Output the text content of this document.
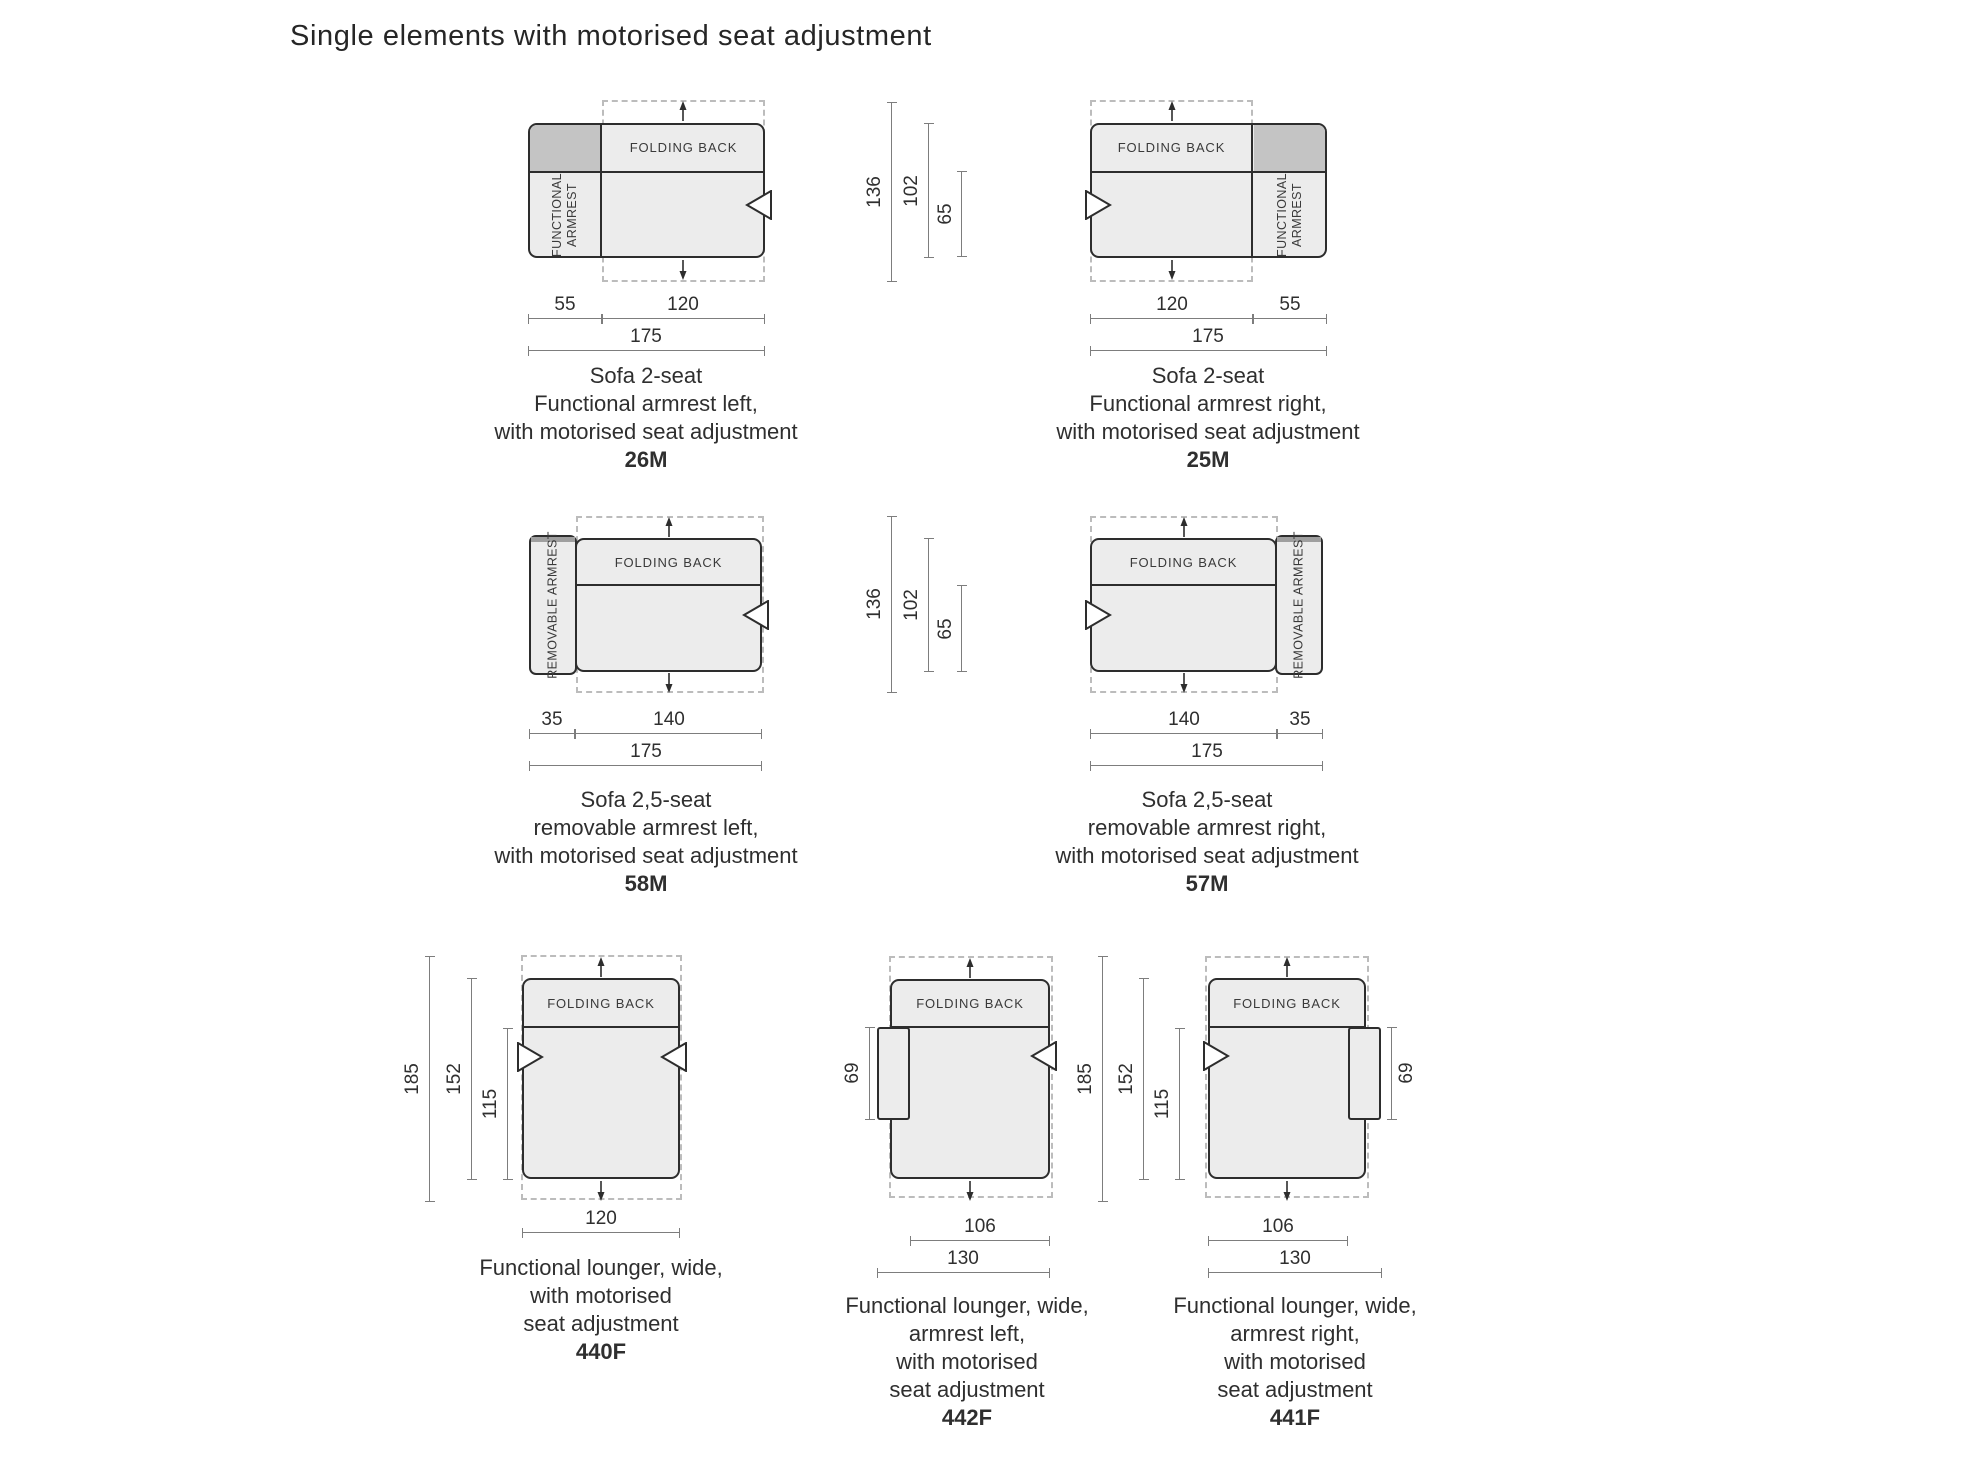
Single elements with motorised seat adjustment
FOLDING BACK
FUNCTIONAL ARMREST
55	120
175
Sofa 2-seat
Functional armrest left,
with motorised seat adjustment
26M
136 102
65
FOLDING BACK
FUNCTIONAL ARMREST
120	55
175
Sofa 2-seat
Functional armrest right,
with motorised seat adjustment
25M
FOLDING BACK
REMOVABLE ARMREST
35	140
175
Sofa 2,5-seat
removable armrest left,
with motorised seat adjustment
58M
136 102
65
FOLDING BACK	REMOVABLE ARMREST
140	35
175
Sofa 2,5-seat
removable armrest right,
with motorised seat adjustment
57M
185 152
115
FOLDING BACK
120
Functional lounger, wide,
with motorised
seat adjustment
440F
FOLDING BACK
69
106
130
Functional lounger, wide,
armrest left,
with motorised
seat adjustment
442F
185 152
115
FOLDING BACK
69
106
130
Functional lounger, wide,
armrest right,
with motorised
seat adjustment
441F
